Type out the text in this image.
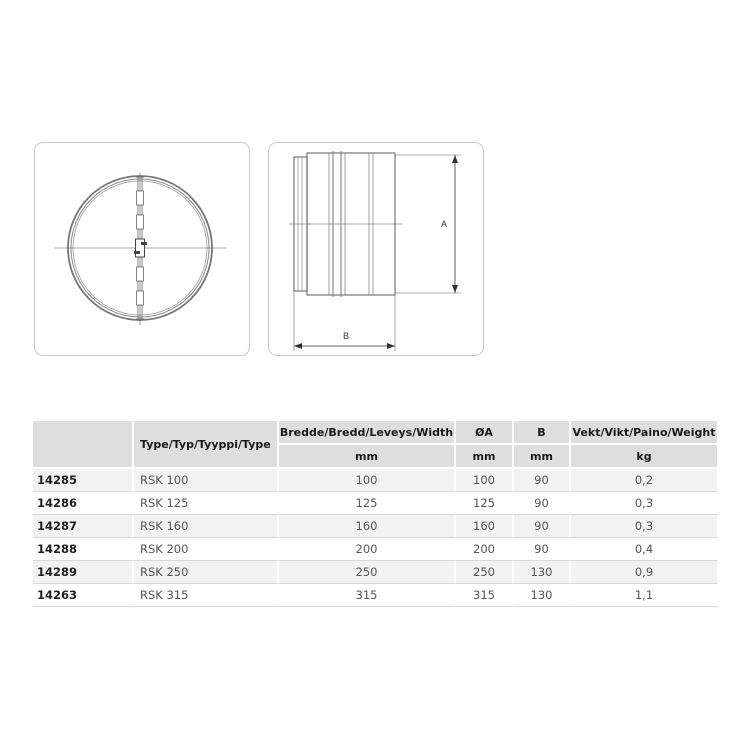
A
B
	Type/Typ/Tyyppi/Type	Bredde/Bredd/Leveys/Width	ØA	B	Vekt/Vikt/Paino/Weight
		mm	mm	mm	kg
14285	RSK 100	100	100	90	0,2
14286	RSK 125	125	125	90	0,3
14287	RSK 160	160	160	90	0,3
14288	RSK 200	200	200	90	0,4
14289	RSK 250	250	250	130	0,9
14263	RSK 315	315	315	130	1,1
